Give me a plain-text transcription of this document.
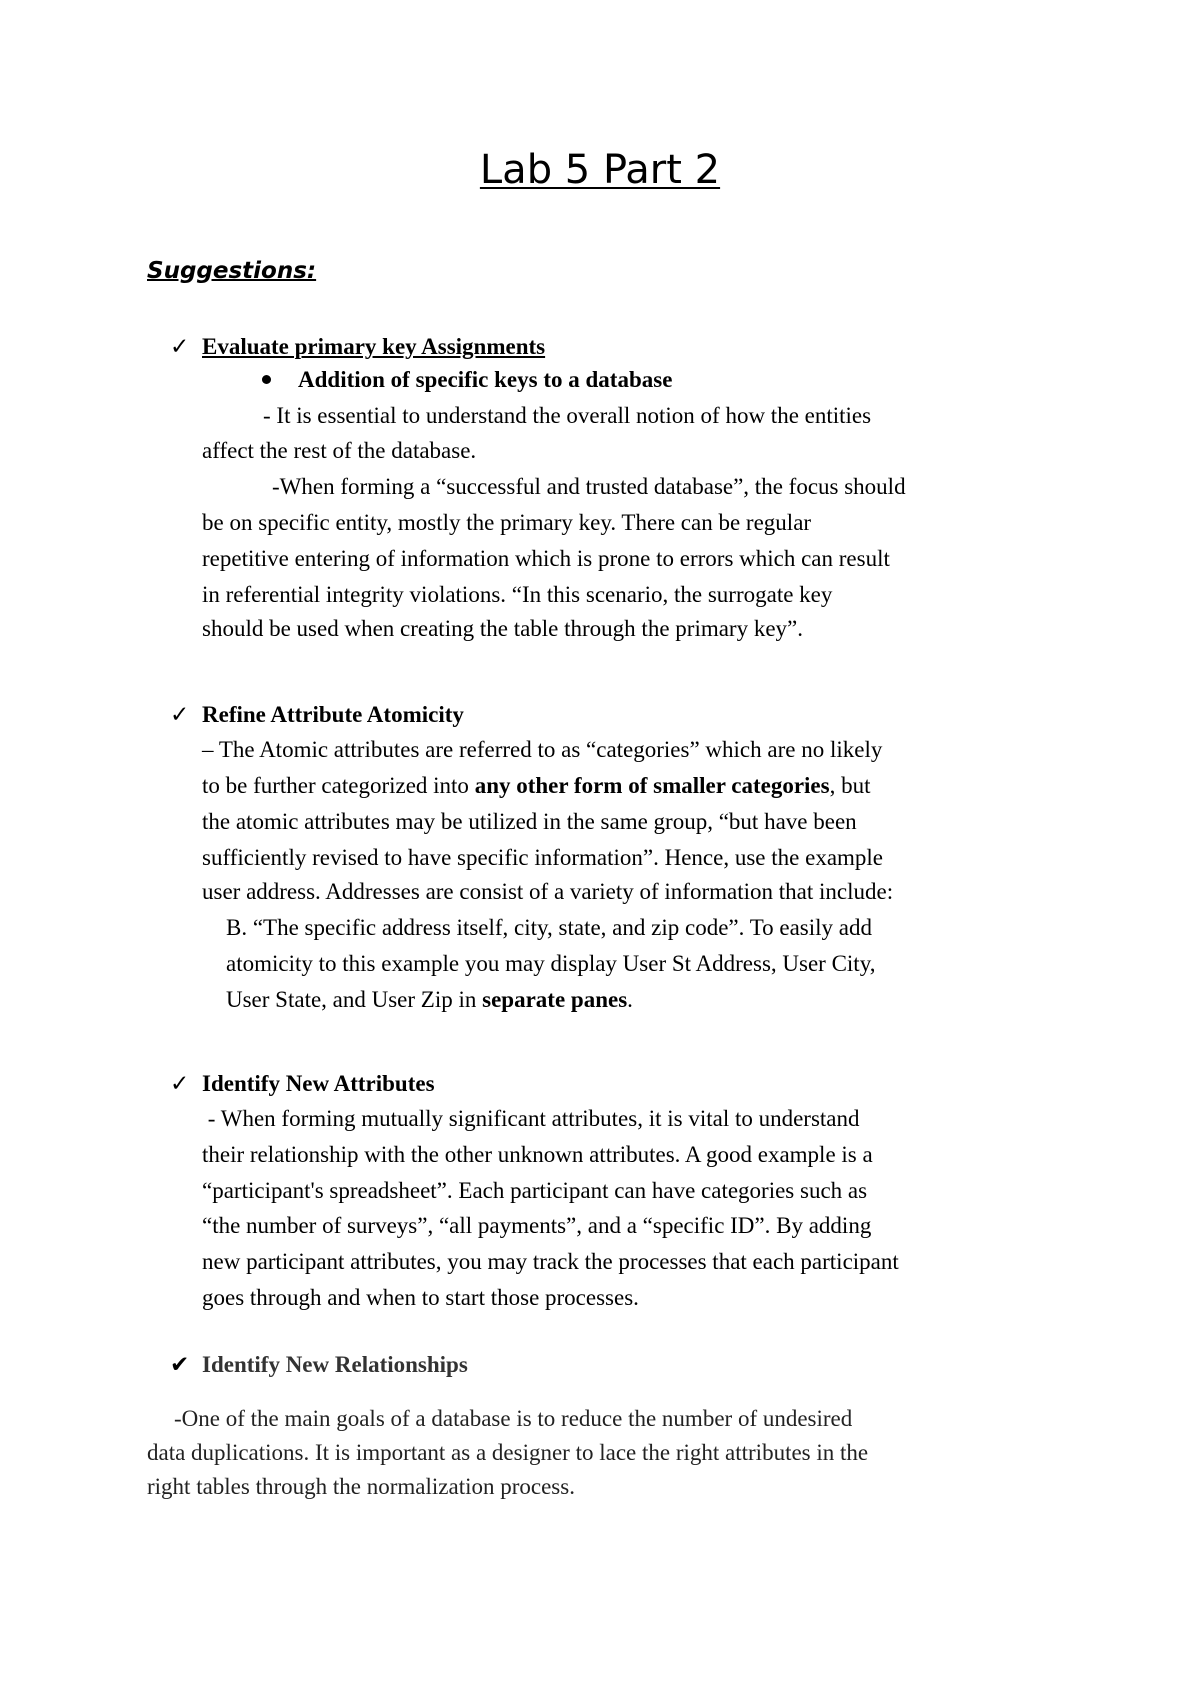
Lab 5 Part 2
Suggestions:
✓ Evaluate primary key Assignments
Addition of specific keys to a database
- It is essential to understand the overall notion of how the entities
affect the rest of the database.
-When forming a “successful and trusted database”, the focus should
be on specific entity, mostly the primary key. There can be regular
repetitive entering of information which is prone to errors which can result
in referential integrity violations. “In this scenario, the surrogate key
should be used when creating the table through the primary key”.
✓ Refine Attribute Atomicity
– The Atomic attributes are referred to as “categories” which are no likely
to be further categorized into any other form of smaller categories, but
the atomic attributes may be utilized in the same group, “but have been
sufficiently revised to have specific information”. Hence, use the example
user address. Addresses are consist of a variety of information that include:
B. “The specific address itself, city, state, and zip code”. To easily add
atomicity to this example you may display User St Address, User City,
User State, and User Zip in separate panes.
✓ Identify New Attributes
- When forming mutually significant attributes, it is vital to understand
their relationship with the other unknown attributes. A good example is a
“participant's spreadsheet”. Each participant can have categories such as
“the number of surveys”, “all payments”, and a “specific ID”. By adding
new participant attributes, you may track the processes that each participant
goes through and when to start those processes.
✔ Identify New Relationships
-One of the main goals of a database is to reduce the number of undesired
data duplications. It is important as a designer to lace the right attributes in the
right tables through the normalization process.
